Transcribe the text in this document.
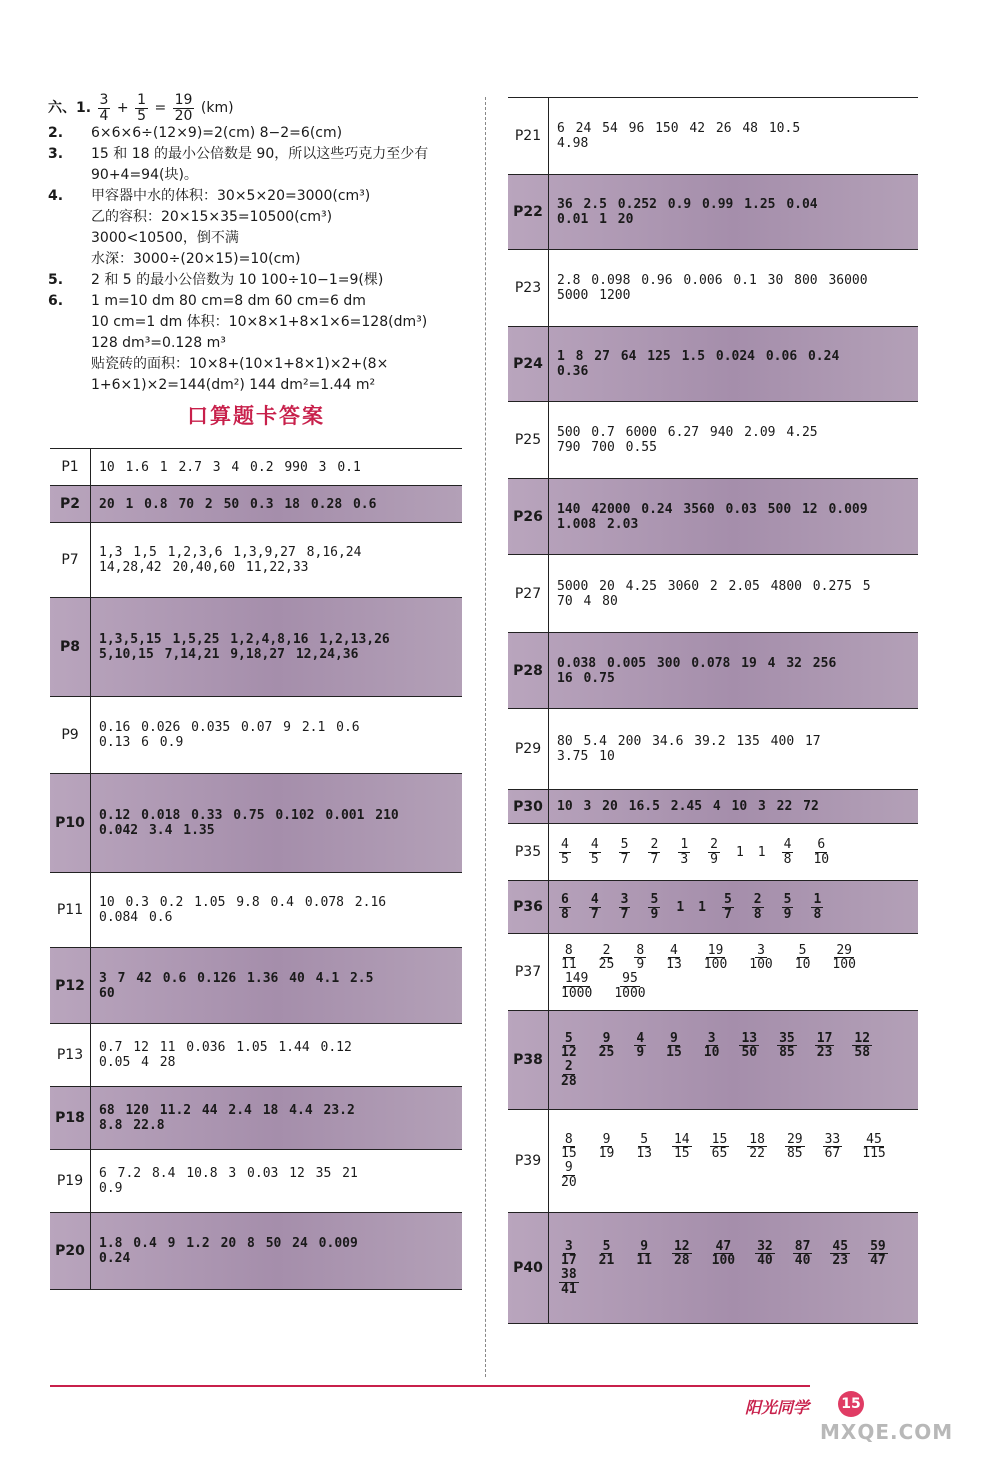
六、1. $\frac{3}{4} + \frac{1}{5} = \frac{19}{20} (km)$
2. 6×6×6÷(12×9)=2(cm) 8−2=6(cm)
3. 15 和 18 的最小公倍数是 90，所以这些巧克力至少有
90+4=94(块)。
4. 甲容器中水的体积：30×5×20=3000(cm³)
乙的容积：20×15×35=10500(cm³)
3000<10500，倒不满
水深：3000÷(20×15)=10(cm)
5. 2 和 5 的最小公倍数为 10 100÷10−1=9(棵)
6. 1 m=10 dm 80 cm=8 dm 60 cm=6 dm
10 cm=1 dm 体积：10×8×1+8×1×6=128(dm³)
128 dm³=0.128 m³
贴瓷砖的面积：10×8+(10×1+8×1)×2+(8×
1+6×1)×2=144(dm²) 144 dm²=1.44 m²
口算题卡答案
P1	10 1.6 1 2.7 3 4 0.2 990 3 0.1
P2	20 1 0.8 70 2 50 0.3 18 0.28 0.6
P7	1,3 1,5 1,2,3,6 1,3,9,27 8,16,24
14,28,42 20,40,60 11,22,33
P8	1,3,5,15 1,5,25 1,2,4,8,16 1,2,13,26
5,10,15 7,14,21 9,18,27 12,24,36
P9	0.16 0.026 0.035 0.07 9 2.1 0.6
0.13 6 0.9
P10	0.12 0.018 0.33 0.75 0.102 0.001 210
0.042 3.4 1.35
P11	10 0.3 0.2 1.05 9.8 0.4 0.078 2.16
0.084 0.6
P12	3 7 42 0.6 0.126 1.36 40 4.1 2.5
60
P13	0.7 12 11 0.036 1.05 1.44 0.12
0.05 4 28
P18	68 120 11.2 44 2.4 18 4.4 23.2
8.8 22.8
P19	6 7.2 8.4 10.8 3 0.03 12 35 21
0.9
P20	1.8 0.4 9 1.2 20 8 50 24 0.009
0.24
P21	6 24 54 96 150 42 26 48 10.5
4.98
P22	36 2.5 0.252 0.9 0.99 1.25 0.04
0.01 1 20
P23	2.8 0.098 0.96 0.006 0.1 30 800 36000
5000 1200
P24	1 8 27 64 125 1.5 0.024 0.06 0.24
0.36
P25	500 0.7 6000 6.27 940 2.09 4.25
790 700 0.55
P26	140 42000 0.24 3560 0.03 500 12 0.009
1.008 2.03
P27	5000 20 4.25 3060 2 2.05 4800 0.275 5
70 4 80
P28	0.038 0.005 300 0.078 19 4 32 256
16 0.75
P29	80 5.4 200 34.6 39.2 135 400 17
3.75 10
P30	10 3 20 16.5 2.45 4 10 3 22 72
P35	$\frac{4}{5} \frac{4}{5} \frac{5}{7} \frac{2}{7} \frac{1}{3} \frac{2}{9} 1$ $1 \frac{4}{8} \frac{6}{10}$
P36	$\frac{6}{8} \frac{4}{7} \frac{3}{7} \frac{5}{9} 1$ $1 \frac{5}{7} \frac{2}{8} \frac{5}{9} \frac{1}{8}$
P37	$\frac{8}{11} \frac{2}{25} \frac{8}{9} \frac{4}{13} \frac{19}{100} \frac{3}{100} \frac{5}{10} \frac{29}{100}$
$\frac{149}{1000} \frac{95}{1000}$
P38	$\frac{5}{12} \frac{9}{25} \frac{4}{9} \frac{9}{15} \frac{3}{10} \frac{13}{50} \frac{35}{85} \frac{17}{23} \frac{12}{58}$
$\frac{2}{28}$
P39	$\frac{8}{15} \frac{9}{19} \frac{5}{13} \frac{14}{15} \frac{15}{65} \frac{18}{22} \frac{29}{85} \frac{33}{67} \frac{45}{115}$
$\frac{9}{20}$
P40	$\frac{3}{17} \frac{5}{21} \frac{9}{11} \frac{12}{28} \frac{47}{100} \frac{32}{40} \frac{87}{40} \frac{45}{23} \frac{59}{47}$
$\frac{38}{41}$
阳光同学 15
MXQE.COM
